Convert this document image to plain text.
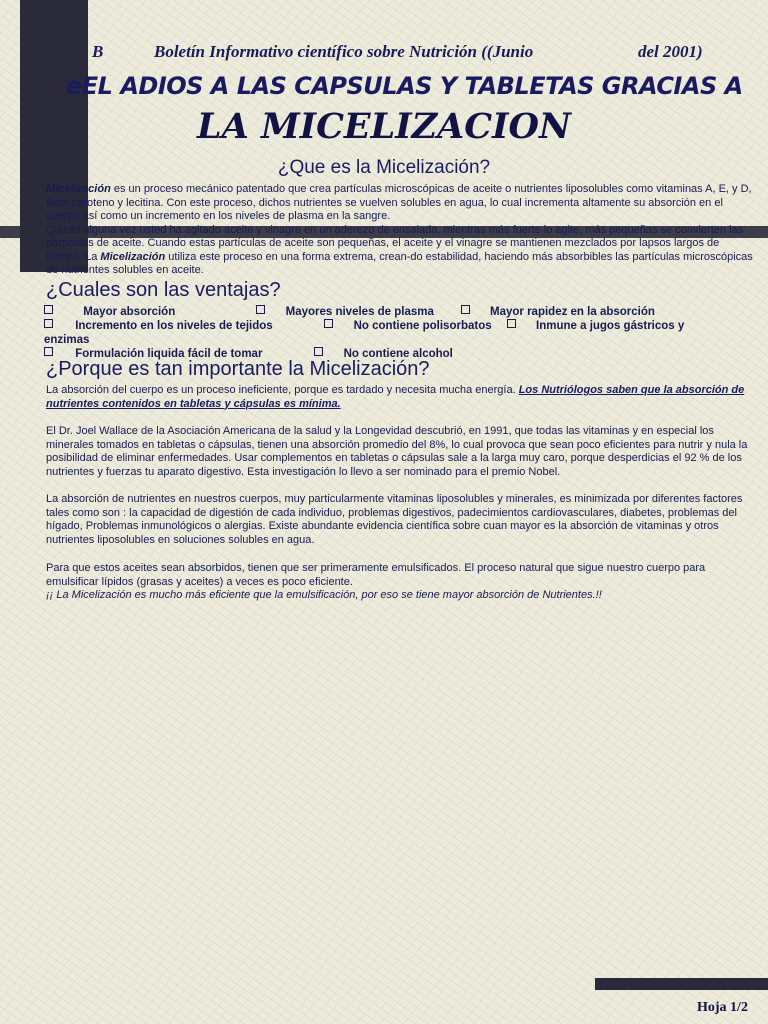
B	Boletín Informativo científico sobre Nutrición ((Junio	del 2001)
eEL ADIOS A LAS CAPSULAS Y TABLETAS GRACIAS A
LA MICELIZACION
¿Que es la Micelización?
Micelización es un proceso mecánico patentado que crea partículas microscópicas de aceite o nutrientes liposolubles como vitaminas A, E, y D, Beta caroteno y lecitina. Con este proceso, dichos nutrientes se vuelven solubles en agua, lo cual incrementa altamente su absorción en el cuerpo así como un incremento en los niveles de plasma en la sangre.
Quizás alguna vez usted ha agitado aceite y vinagre en un aderezo de ensalada, mientras más fuerte lo agite, más pequeñas se convierten las partículas de aceite. Cuando estas partículas de aceite son pequeñas, el aceite y el vinagre se mantienen mezclados por lapsos largos de tiempo. La Micelización utiliza este proceso en una forma extrema, crean-do estabilidad, haciendo más absorbibles las partículas microscópicas de nutrientes solubles en aceite.
¿Cuales son las ventajas?
Mayor absorción	Mayores niveles de plasma	Mayor rapidez en la absorción
Incremento en los niveles de tejidos	No contiene polisorbatos	Inmune a jugos gástricos y
enzimas
Formulación liquida fácil de tomar	No contiene alcohol
¿Porque es tan importante la Micelización?
La absorción del cuerpo es un proceso ineficiente, porque es tardado y necesita mucha energía. Los Nutriólogos saben que la absorción de nutrientes contenidos en tabletas y cápsulas es mínima.
El Dr. Joel Wallace de la Asociación Americana de la salud y la Longevidad descubrió, en 1991, que todas las vitaminas y en especial los minerales tomados en tabletas o cápsulas, tienen una absorción promedio del 8%, lo cual provoca que sean poco eficientes para nutrir y nula la posibilidad de eliminar enfermedades. Usar complementos en tabletas o cápsulas sale a la larga muy caro, porque desperdicias el 92 % de los nutrientes y fuerzas tu aparato digestivo. Esta investigación lo llevo a ser nominado para el premio Nobel.
La absorción de nutrientes en nuestros cuerpos, muy particularmente vitaminas liposolubles y minerales, es minimizada por diferentes factores tales como son : la capacidad de digestión de cada individuo, problemas digestivos, padecimientos cardiovasculares, diabetes, problemas del hígado, Problemas inmunológicos o alergias. Existe abundante evidencia científica sobre cuan mayor es la absorción de vitaminas y otros nutrientes liposolubles en soluciones solubles en agua.
Para que estos aceites sean absorbidos, tienen que ser primeramente emulsificados. El proceso natural que sigue nuestro cuerpo para emulsificar lípidos (grasas y aceites) a veces es poco eficiente.
¡¡ La Micelización es mucho más eficiente que la emulsificación, por eso se tiene mayor absorción de Nutrientes.!!
Hoja 1/2
